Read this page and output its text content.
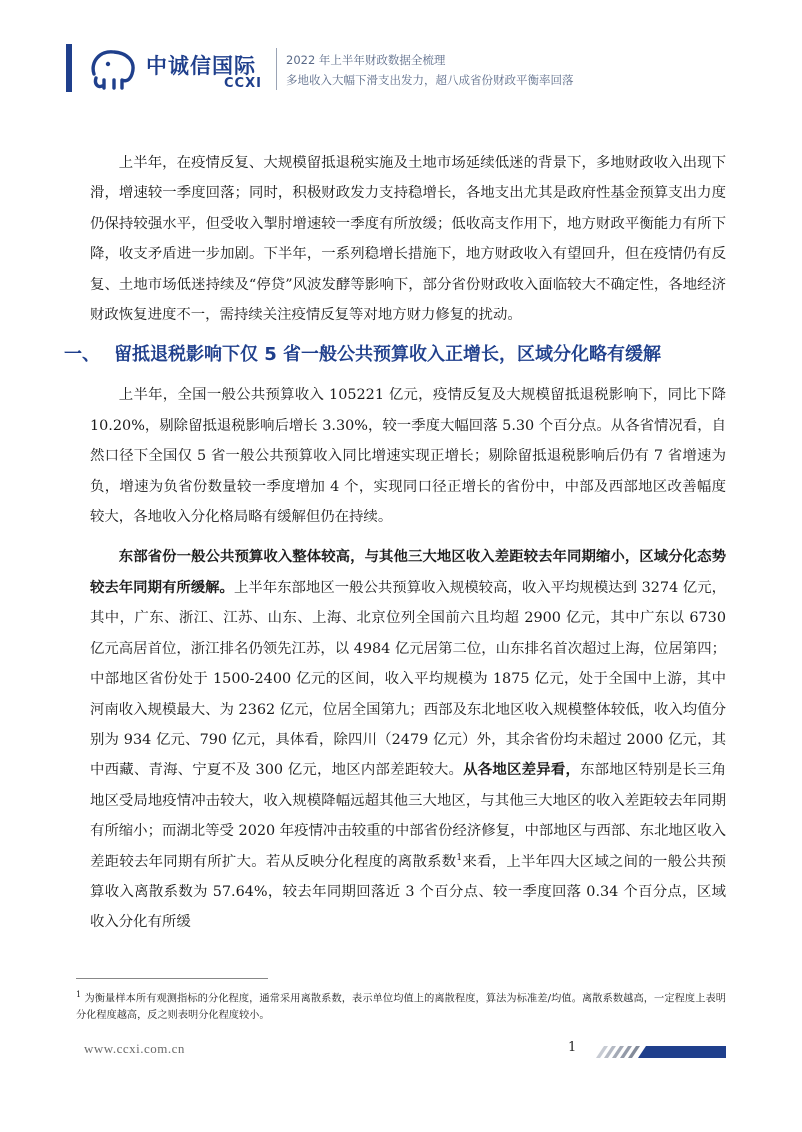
中诚信国际
CCXI
2022 年上半年财政数据全梳理
多地收入大幅下滑支出发力，超八成省份财政平衡率回落

上半年，在疫情反复、大规模留抵退税实施及土地市场延续低迷的背景下，多地财政收入出现下滑，增速较一季度回落；同时，积极财政发力支持稳增长，各地支出尤其是政府性基金预算支出力度仍保持较强水平，但受收入掣肘增速较一季度有所放缓；低收高支作用下，地方财政平衡能力有所下降，收支矛盾进一步加剧。下半年，一系列稳增长措施下，地方财政收入有望回升，但在疫情仍有反复、土地市场低迷持续及“停贷”风波发酵等影响下，部分省份财政收入面临较大不确定性，各地经济财政恢复进度不一，需持续关注疫情反复等对地方财力修复的扰动。

一、 留抵退税影响下仅 5 省一般公共预算收入正增长，区域分化略有缓解

上半年，全国一般公共预算收入 105221 亿元，疫情反复及大规模留抵退税影响下，同比下降 10.20%，剔除留抵退税影响后增长 3.30%，较一季度大幅回落 5.30 个百分点。从各省情况看，自然口径下全国仅 5 省一般公共预算收入同比增速实现正增长；剔除留抵退税影响后仍有 7 省增速为负，增速为负省份数量较一季度增加 4 个，实现同口径正增长的省份中，中部及西部地区改善幅度较大，各地收入分化格局略有缓解但仍在持续。

东部省份一般公共预算收入整体较高，与其他三大地区收入差距较去年同期缩小，区域分化态势较去年同期有所缓解。上半年东部地区一般公共预算收入规模较高，收入平均规模达到 3274 亿元，其中，广东、浙江、江苏、山东、上海、北京位列全国前六且均超 2900 亿元，其中广东以 6730 亿元高居首位，浙江排名仍领先江苏，以 4984 亿元居第二位，山东排名首次超过上海，位居第四；中部地区省份处于 1500-2400 亿元的区间，收入平均规模为 1875 亿元，处于全国中上游，其中河南收入规模最大、为 2362 亿元，位居全国第九；西部及东北地区收入规模整体较低，收入均值分别为 934 亿元、790 亿元，具体看，除四川（2479 亿元）外，其余省份均未超过 2000 亿元，其中西藏、青海、宁夏不及 300 亿元，地区内部差距较大。从各地区差异看，东部地区特别是长三角地区受局地疫情冲击较大，收入规模降幅远超其他三大地区，与其他三大地区的收入差距较去年同期有所缩小；而湖北等受 2020 年疫情冲击较重的中部省份经济修复，中部地区与西部、东北地区收入差距较去年同期有所扩大。若从反映分化程度的离散系数$^1$来看，上半年四大区域之间的一般公共预算收入离散系数为 57.64%，较去年同期回落近 3 个百分点、较一季度回落 0.34 个百分点，区域收入分化有所缓

$^1$ 为衡量样本所有观测指标的分化程度，通常采用离散系数，表示单位均值上的离散程度，算法为标准差/均值。离散系数越高，一定程度上表明分化程度越高，反之则表明分化程度较小。
www.ccxi.com.cn	1
